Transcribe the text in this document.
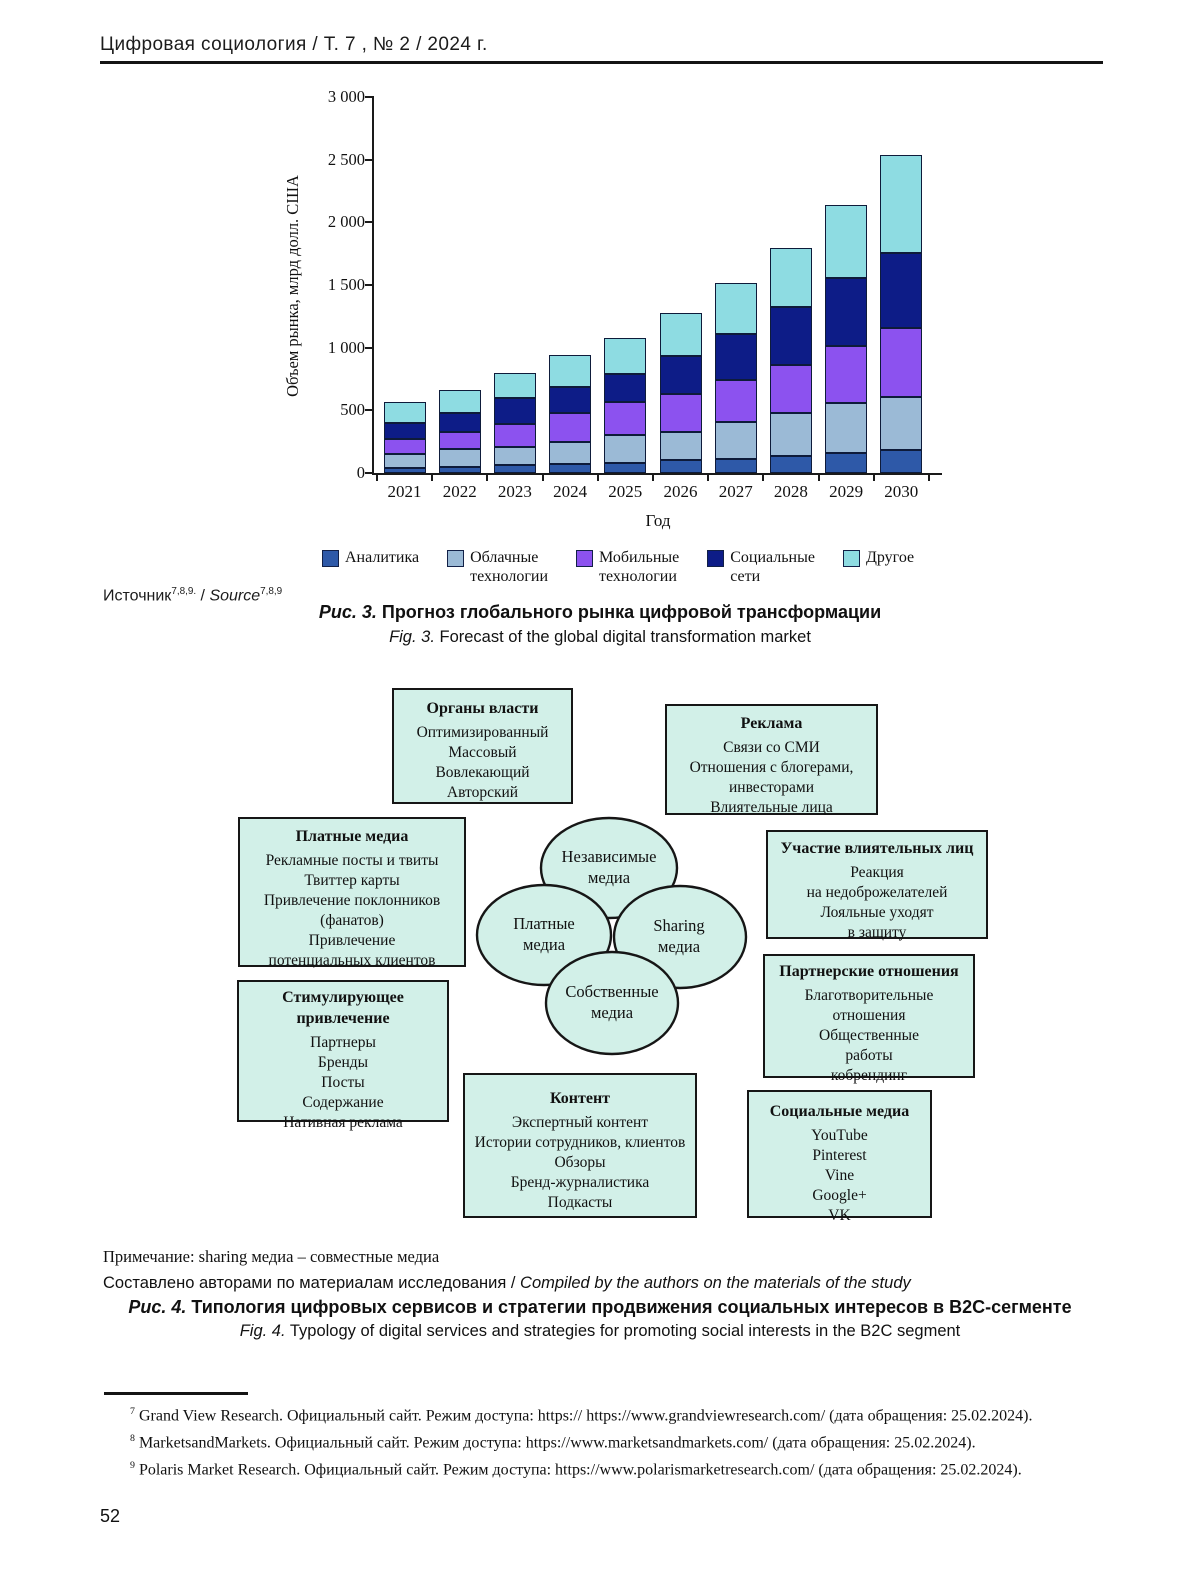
Цифровая социология / Т. 7 , № 2 / 2024 г.
Объем рынка, млрд долл. США
Год
0
500
1 000
1 500
2 000
2 500
3 000
2021	2022	2023	2024	2025	2026	2027	2028	2029	2030
Аналитика	Облачные
технологии
Мобильные
технологии
Социальные
сети
Другое
Источник$^{7,8,9.}$ / Source$^{7,8,9}$
Рис. 3. Прогноз глобального рынка цифровой трансформации
Fig. 3. Forecast of the global digital transformation market
Органы власти
Оптимизированный
Массовый
Вовлекающий
Авторский
Реклама
Связи со СМИ
Отношения с блогерами,
инвесторами
Влиятельные лица
Платные медиа
Рекламные посты и твиты
Твиттер карты
Привлечение поклонников
(фанатов)
Привлечение
потенциальных клиентов
Участие влиятельных лиц
Реакция
на недоброжелателей
Лояльные уходят
в защиту
Партнерские отношения
Благотворительные
отношения
Общественные
работы
кобрендинг
Стимулирующее
привлечение
Партнеры
Бренды
Посты
Содержание
Нативная реклама
Контент
Экспертный контент
Истории сотрудников, клиентов
Обзоры
Бренд-журналистика
Подкасты
Социальные медиа
YouTube
Pinterest
Vine
Google+
VK
Независимые
медиа
Платные
медиа
Sharing
медиа
Собственные
медиа
Примечание: sharing медиа – совместные медиа
Составлено авторами по материалам исследования / Compiled by the authors on the materials of the study
Рис. 4. Типология цифровых сервисов и стратегии продвижения социальных интересов в B2C-сегменте
Fig. 4. Typology of digital services and strategies for promoting social interests in the B2C segment
$^7$ Grand View Research. Официальный сайт. Режим доступа: https:// https://www.grandviewresearch.com/ (дата обращения: 25.02.2024).
$^8$ MarketsandMarkets. Официальный сайт. Режим доступа: https://www.marketsandmarkets.com/ (дата обращения: 25.02.2024).
$^9$ Polaris Market Research. Официальный сайт. Режим доступа: https://www.polarismarketresearch.com/ (дата обращения: 25.02.2024).
52
